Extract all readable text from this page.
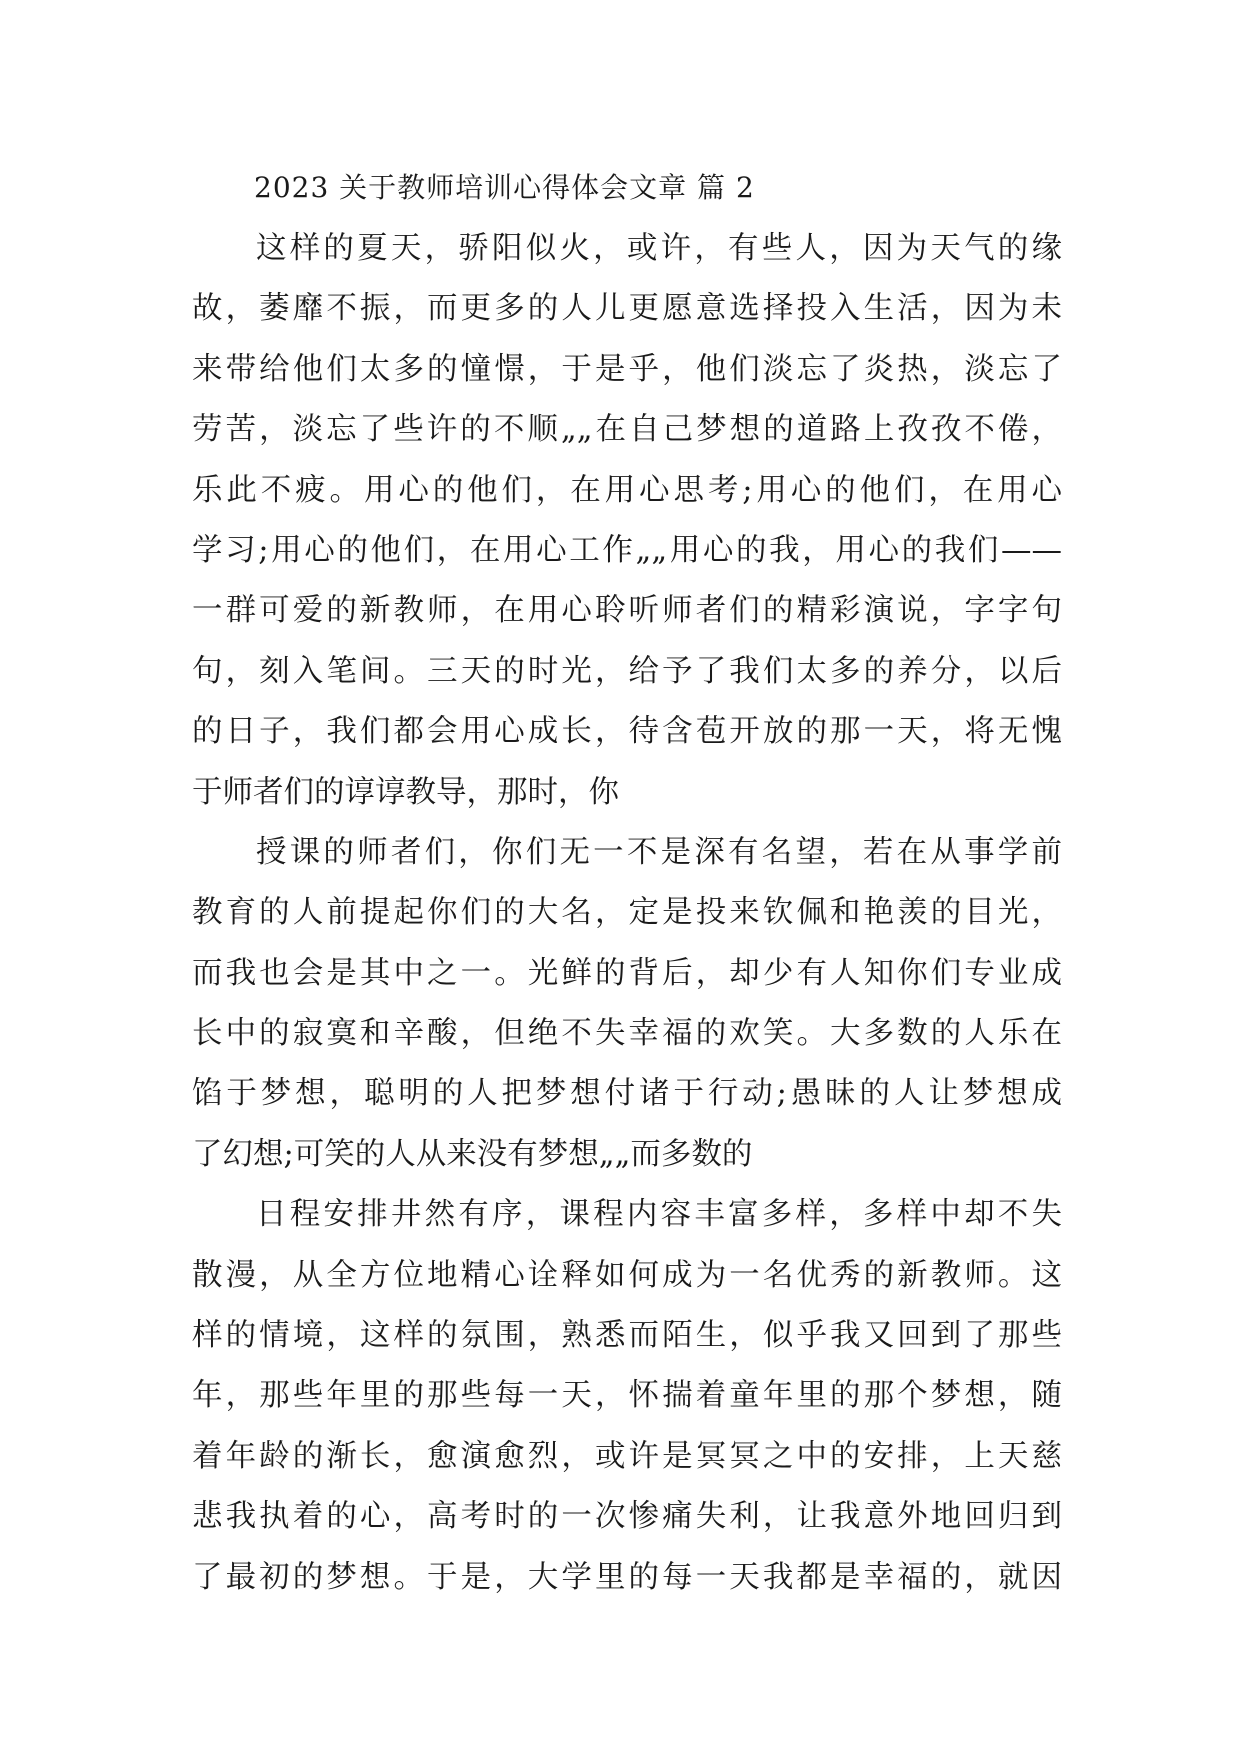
2023 关于教师培训心得体会文章 篇 2

这样的夏天，骄阳似火，或许，有些人，因为天气的缘
故，萎靡不振，而更多的人儿更愿意选择投入生活，因为未
来带给他们太多的憧憬，于是乎，他们淡忘了炎热，淡忘了
劳苦，淡忘了些许的不顺„„在自己梦想的道路上孜孜不倦，
乐此不疲。用心的他们，在用心思考;用心的他们，在用心
学习;用心的他们，在用心工作„„用心的我，用心的我们——
一群可爱的新教师，在用心聆听师者们的精彩演说，字字句
句，刻入笔间。三天的时光，给予了我们太多的养分，以后
的日子，我们都会用心成长，待含苞开放的那一天，将无愧
于师者们的谆谆教导，那时，你

授课的师者们，你们无一不是深有名望，若在从事学前
教育的人前提起你们的大名，定是投来钦佩和艳羡的目光，
而我也会是其中之一。光鲜的背后，却少有人知你们专业成
长中的寂寞和辛酸，但绝不失幸福的欢笑。大多数的人乐在
馅于梦想，聪明的人把梦想付诸于行动;愚昧的人让梦想成
了幻想;可笑的人从来没有梦想„„而多数的

日程安排井然有序，课程内容丰富多样，多样中却不失
散漫，从全方位地精心诠释如何成为一名优秀的新教师。这
样的情境，这样的氛围，熟悉而陌生，似乎我又回到了那些
年，那些年里的那些每一天，怀揣着童年里的那个梦想，随
着年龄的渐长，愈演愈烈，或许是冥冥之中的安排，上天慈
悲我执着的心，高考时的一次惨痛失利，让我意外地回归到
了最初的梦想。于是，大学里的每一天我都是幸福的，就因
